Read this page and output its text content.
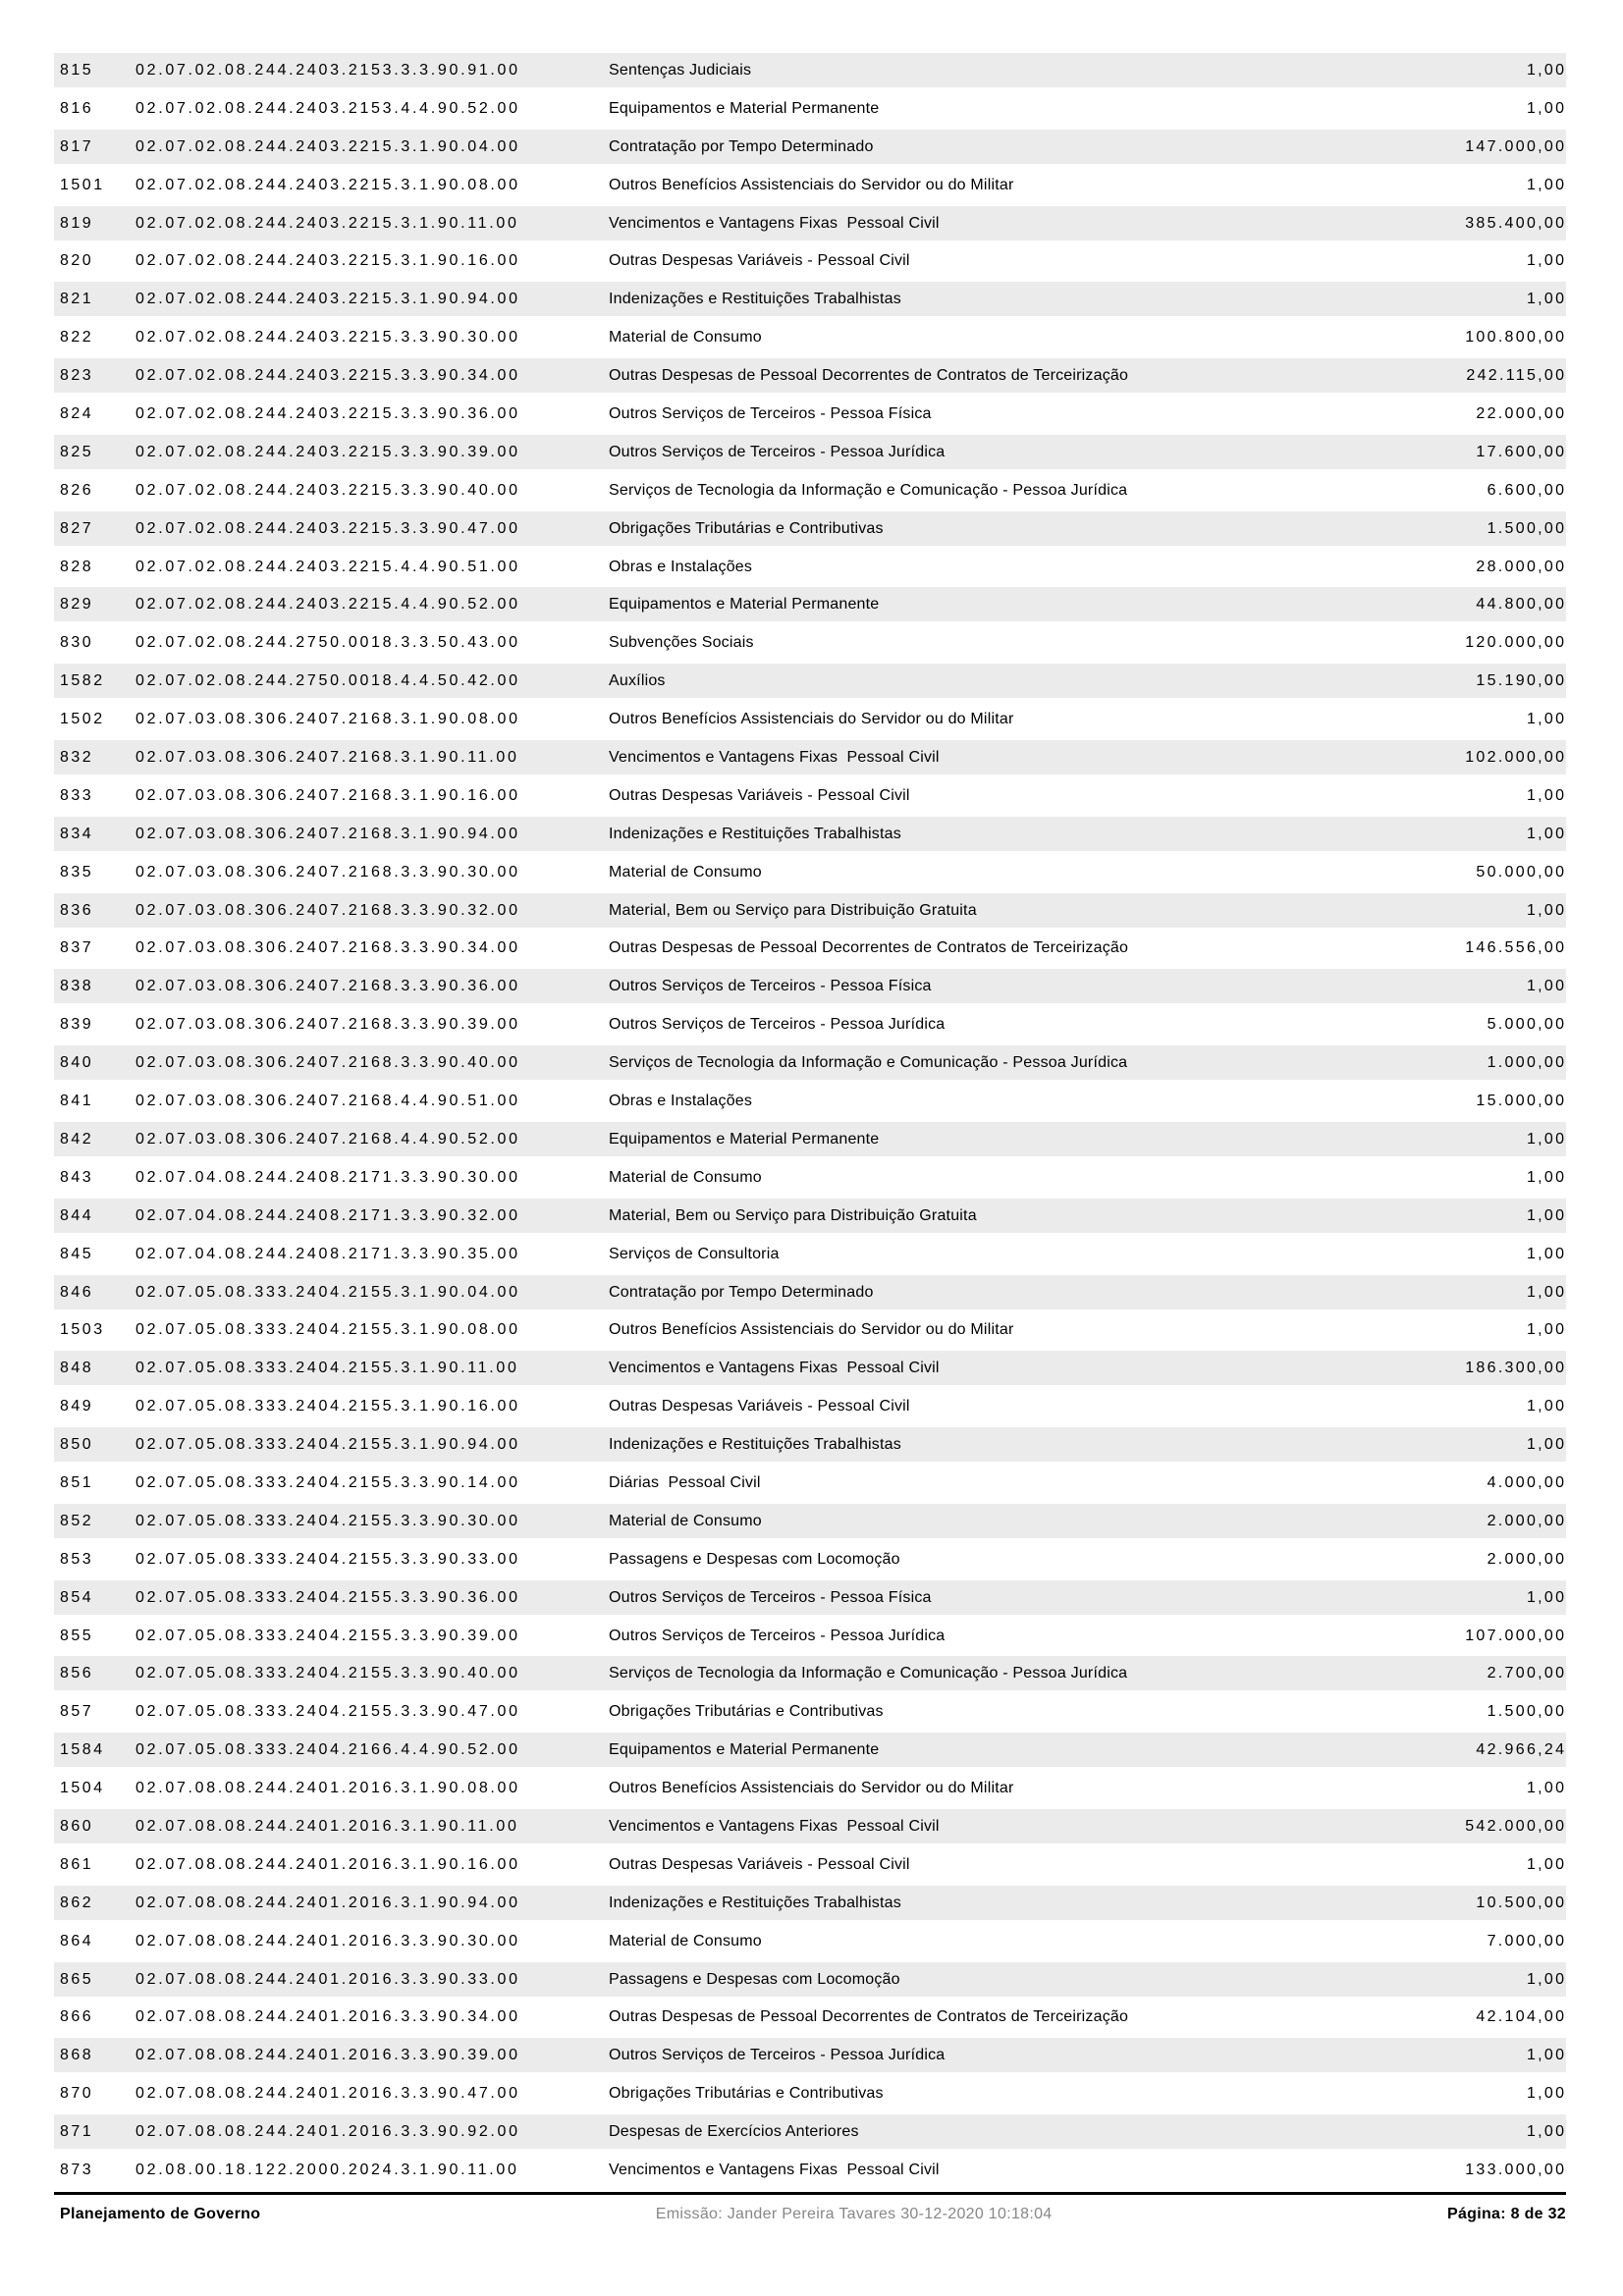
815	02.07.02.08.244.2403.2153.3.3.90.91.00	Sentenças Judiciais	1,00
816	02.07.02.08.244.2403.2153.4.4.90.52.00	Equipamentos e Material Permanente	1,00
817	02.07.02.08.244.2403.2215.3.1.90.04.00	Contratação por Tempo Determinado	147.000,00
1501	02.07.02.08.244.2403.2215.3.1.90.08.00	Outros Benefícios Assistenciais do Servidor ou do Militar	1,00
819	02.07.02.08.244.2403.2215.3.1.90.11.00	Vencimentos e Vantagens Fixas  Pessoal Civil	385.400,00
820	02.07.02.08.244.2403.2215.3.1.90.16.00	Outras Despesas Variáveis - Pessoal Civil	1,00
821	02.07.02.08.244.2403.2215.3.1.90.94.00	Indenizações e Restituições Trabalhistas	1,00
822	02.07.02.08.244.2403.2215.3.3.90.30.00	Material de Consumo	100.800,00
823	02.07.02.08.244.2403.2215.3.3.90.34.00	Outras Despesas de Pessoal Decorrentes de Contratos de Terceirização	242.115,00
824	02.07.02.08.244.2403.2215.3.3.90.36.00	Outros Serviços de Terceiros - Pessoa Física	22.000,00
825	02.07.02.08.244.2403.2215.3.3.90.39.00	Outros Serviços de Terceiros - Pessoa Jurídica	17.600,00
826	02.07.02.08.244.2403.2215.3.3.90.40.00	Serviços de Tecnologia da Informação e Comunicação - Pessoa Jurídica	6.600,00
827	02.07.02.08.244.2403.2215.3.3.90.47.00	Obrigações Tributárias e Contributivas	1.500,00
828	02.07.02.08.244.2403.2215.4.4.90.51.00	Obras e Instalações	28.000,00
829	02.07.02.08.244.2403.2215.4.4.90.52.00	Equipamentos e Material Permanente	44.800,00
830	02.07.02.08.244.2750.0018.3.3.50.43.00	Subvenções Sociais	120.000,00
1582	02.07.02.08.244.2750.0018.4.4.50.42.00	Auxílios	15.190,00
1502	02.07.03.08.306.2407.2168.3.1.90.08.00	Outros Benefícios Assistenciais do Servidor ou do Militar	1,00
832	02.07.03.08.306.2407.2168.3.1.90.11.00	Vencimentos e Vantagens Fixas  Pessoal Civil	102.000,00
833	02.07.03.08.306.2407.2168.3.1.90.16.00	Outras Despesas Variáveis - Pessoal Civil	1,00
834	02.07.03.08.306.2407.2168.3.1.90.94.00	Indenizações e Restituições Trabalhistas	1,00
835	02.07.03.08.306.2407.2168.3.3.90.30.00	Material de Consumo	50.000,00
836	02.07.03.08.306.2407.2168.3.3.90.32.00	Material, Bem ou Serviço para Distribuição Gratuita	1,00
837	02.07.03.08.306.2407.2168.3.3.90.34.00	Outras Despesas de Pessoal Decorrentes de Contratos de Terceirização	146.556,00
838	02.07.03.08.306.2407.2168.3.3.90.36.00	Outros Serviços de Terceiros - Pessoa Física	1,00
839	02.07.03.08.306.2407.2168.3.3.90.39.00	Outros Serviços de Terceiros - Pessoa Jurídica	5.000,00
840	02.07.03.08.306.2407.2168.3.3.90.40.00	Serviços de Tecnologia da Informação e Comunicação - Pessoa Jurídica	1.000,00
841	02.07.03.08.306.2407.2168.4.4.90.51.00	Obras e Instalações	15.000,00
842	02.07.03.08.306.2407.2168.4.4.90.52.00	Equipamentos e Material Permanente	1,00
843	02.07.04.08.244.2408.2171.3.3.90.30.00	Material de Consumo	1,00
844	02.07.04.08.244.2408.2171.3.3.90.32.00	Material, Bem ou Serviço para Distribuição Gratuita	1,00
845	02.07.04.08.244.2408.2171.3.3.90.35.00	Serviços de Consultoria	1,00
846	02.07.05.08.333.2404.2155.3.1.90.04.00	Contratação por Tempo Determinado	1,00
1503	02.07.05.08.333.2404.2155.3.1.90.08.00	Outros Benefícios Assistenciais do Servidor ou do Militar	1,00
848	02.07.05.08.333.2404.2155.3.1.90.11.00	Vencimentos e Vantagens Fixas  Pessoal Civil	186.300,00
849	02.07.05.08.333.2404.2155.3.1.90.16.00	Outras Despesas Variáveis - Pessoal Civil	1,00
850	02.07.05.08.333.2404.2155.3.1.90.94.00	Indenizações e Restituições Trabalhistas	1,00
851	02.07.05.08.333.2404.2155.3.3.90.14.00	Diárias  Pessoal Civil	4.000,00
852	02.07.05.08.333.2404.2155.3.3.90.30.00	Material de Consumo	2.000,00
853	02.07.05.08.333.2404.2155.3.3.90.33.00	Passagens e Despesas com Locomoção	2.000,00
854	02.07.05.08.333.2404.2155.3.3.90.36.00	Outros Serviços de Terceiros - Pessoa Física	1,00
855	02.07.05.08.333.2404.2155.3.3.90.39.00	Outros Serviços de Terceiros - Pessoa Jurídica	107.000,00
856	02.07.05.08.333.2404.2155.3.3.90.40.00	Serviços de Tecnologia da Informação e Comunicação - Pessoa Jurídica	2.700,00
857	02.07.05.08.333.2404.2155.3.3.90.47.00	Obrigações Tributárias e Contributivas	1.500,00
1584	02.07.05.08.333.2404.2166.4.4.90.52.00	Equipamentos e Material Permanente	42.966,24
1504	02.07.08.08.244.2401.2016.3.1.90.08.00	Outros Benefícios Assistenciais do Servidor ou do Militar	1,00
860	02.07.08.08.244.2401.2016.3.1.90.11.00	Vencimentos e Vantagens Fixas  Pessoal Civil	542.000,00
861	02.07.08.08.244.2401.2016.3.1.90.16.00	Outras Despesas Variáveis - Pessoal Civil	1,00
862	02.07.08.08.244.2401.2016.3.1.90.94.00	Indenizações e Restituições Trabalhistas	10.500,00
864	02.07.08.08.244.2401.2016.3.3.90.30.00	Material de Consumo	7.000,00
865	02.07.08.08.244.2401.2016.3.3.90.33.00	Passagens e Despesas com Locomoção	1,00
866	02.07.08.08.244.2401.2016.3.3.90.34.00	Outras Despesas de Pessoal Decorrentes de Contratos de Terceirização	42.104,00
868	02.07.08.08.244.2401.2016.3.3.90.39.00	Outros Serviços de Terceiros - Pessoa Jurídica	1,00
870	02.07.08.08.244.2401.2016.3.3.90.47.00	Obrigações Tributárias e Contributivas	1,00
871	02.07.08.08.244.2401.2016.3.3.90.92.00	Despesas de Exercícios Anteriores	1,00
873	02.08.00.18.122.2000.2024.3.1.90.11.00	Vencimentos e Vantagens Fixas  Pessoal Civil	133.000,00
Planejamento de Governo	Emissão: Jander Pereira Tavares 30-12-2020 10:18:04	Página: 8 de 32
